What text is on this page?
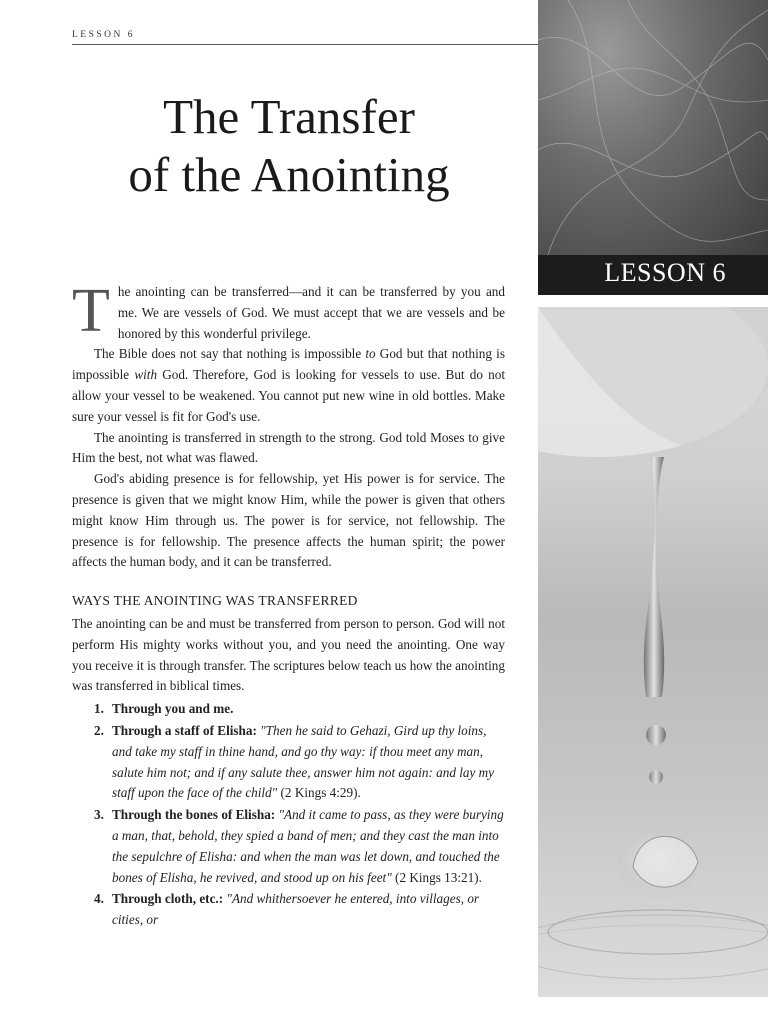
LESSON 6
The Transfer
of the Anointing
LESSON 6

The anointing can be transferred—and it can be transferred by you and me. We are vessels of God. We must accept that we are vessels and be honored by this wonderful privilege.

The Bible does not say that nothing is impossible to God but that nothing is impossible with God. Therefore, God is looking for vessels to use. But do not allow your vessel to be weakened. You cannot put new wine in old bottles. Make sure your vessel is fit for God's use.

The anointing is transferred in strength to the strong. God told Moses to give Him the best, not what was flawed.

God's abiding presence is for fellowship, yet His power is for service. The presence is given that we might know Him, while the power is given that others might know Him through us. The power is for service, not fellowship. The presence is for fellowship. The presence affects the human spirit; the power affects the human body, and it can be transferred.

WAYS THE ANOINTING WAS TRANSFERRED

The anointing can be and must be transferred from person to person. God will not perform His mighty works without you, and you need the anointing. One way you receive it is through transfer. The scriptures below teach us how the anointing was transferred in biblical times.

1. Through you and me.
2. Through a staff of Elisha: "Then he said to Gehazi, Gird up thy loins, and take my staff in thine hand, and go thy way: if thou meet any man, salute him not; and if any salute thee, answer him not again: and lay my staff upon the face of the child" (2 Kings 4:29).
3. Through the bones of Elisha: "And it came to pass, as they were burying a man, that, behold, they spied a band of men; and they cast the man into the sepulchre of Elisha: and when the man was let down, and touched the bones of Elisha, he revived, and stood up on his feet" (2 Kings 13:21).
4. Through cloth, etc.: "And whithersoever he entered, into villages, or cities, or
